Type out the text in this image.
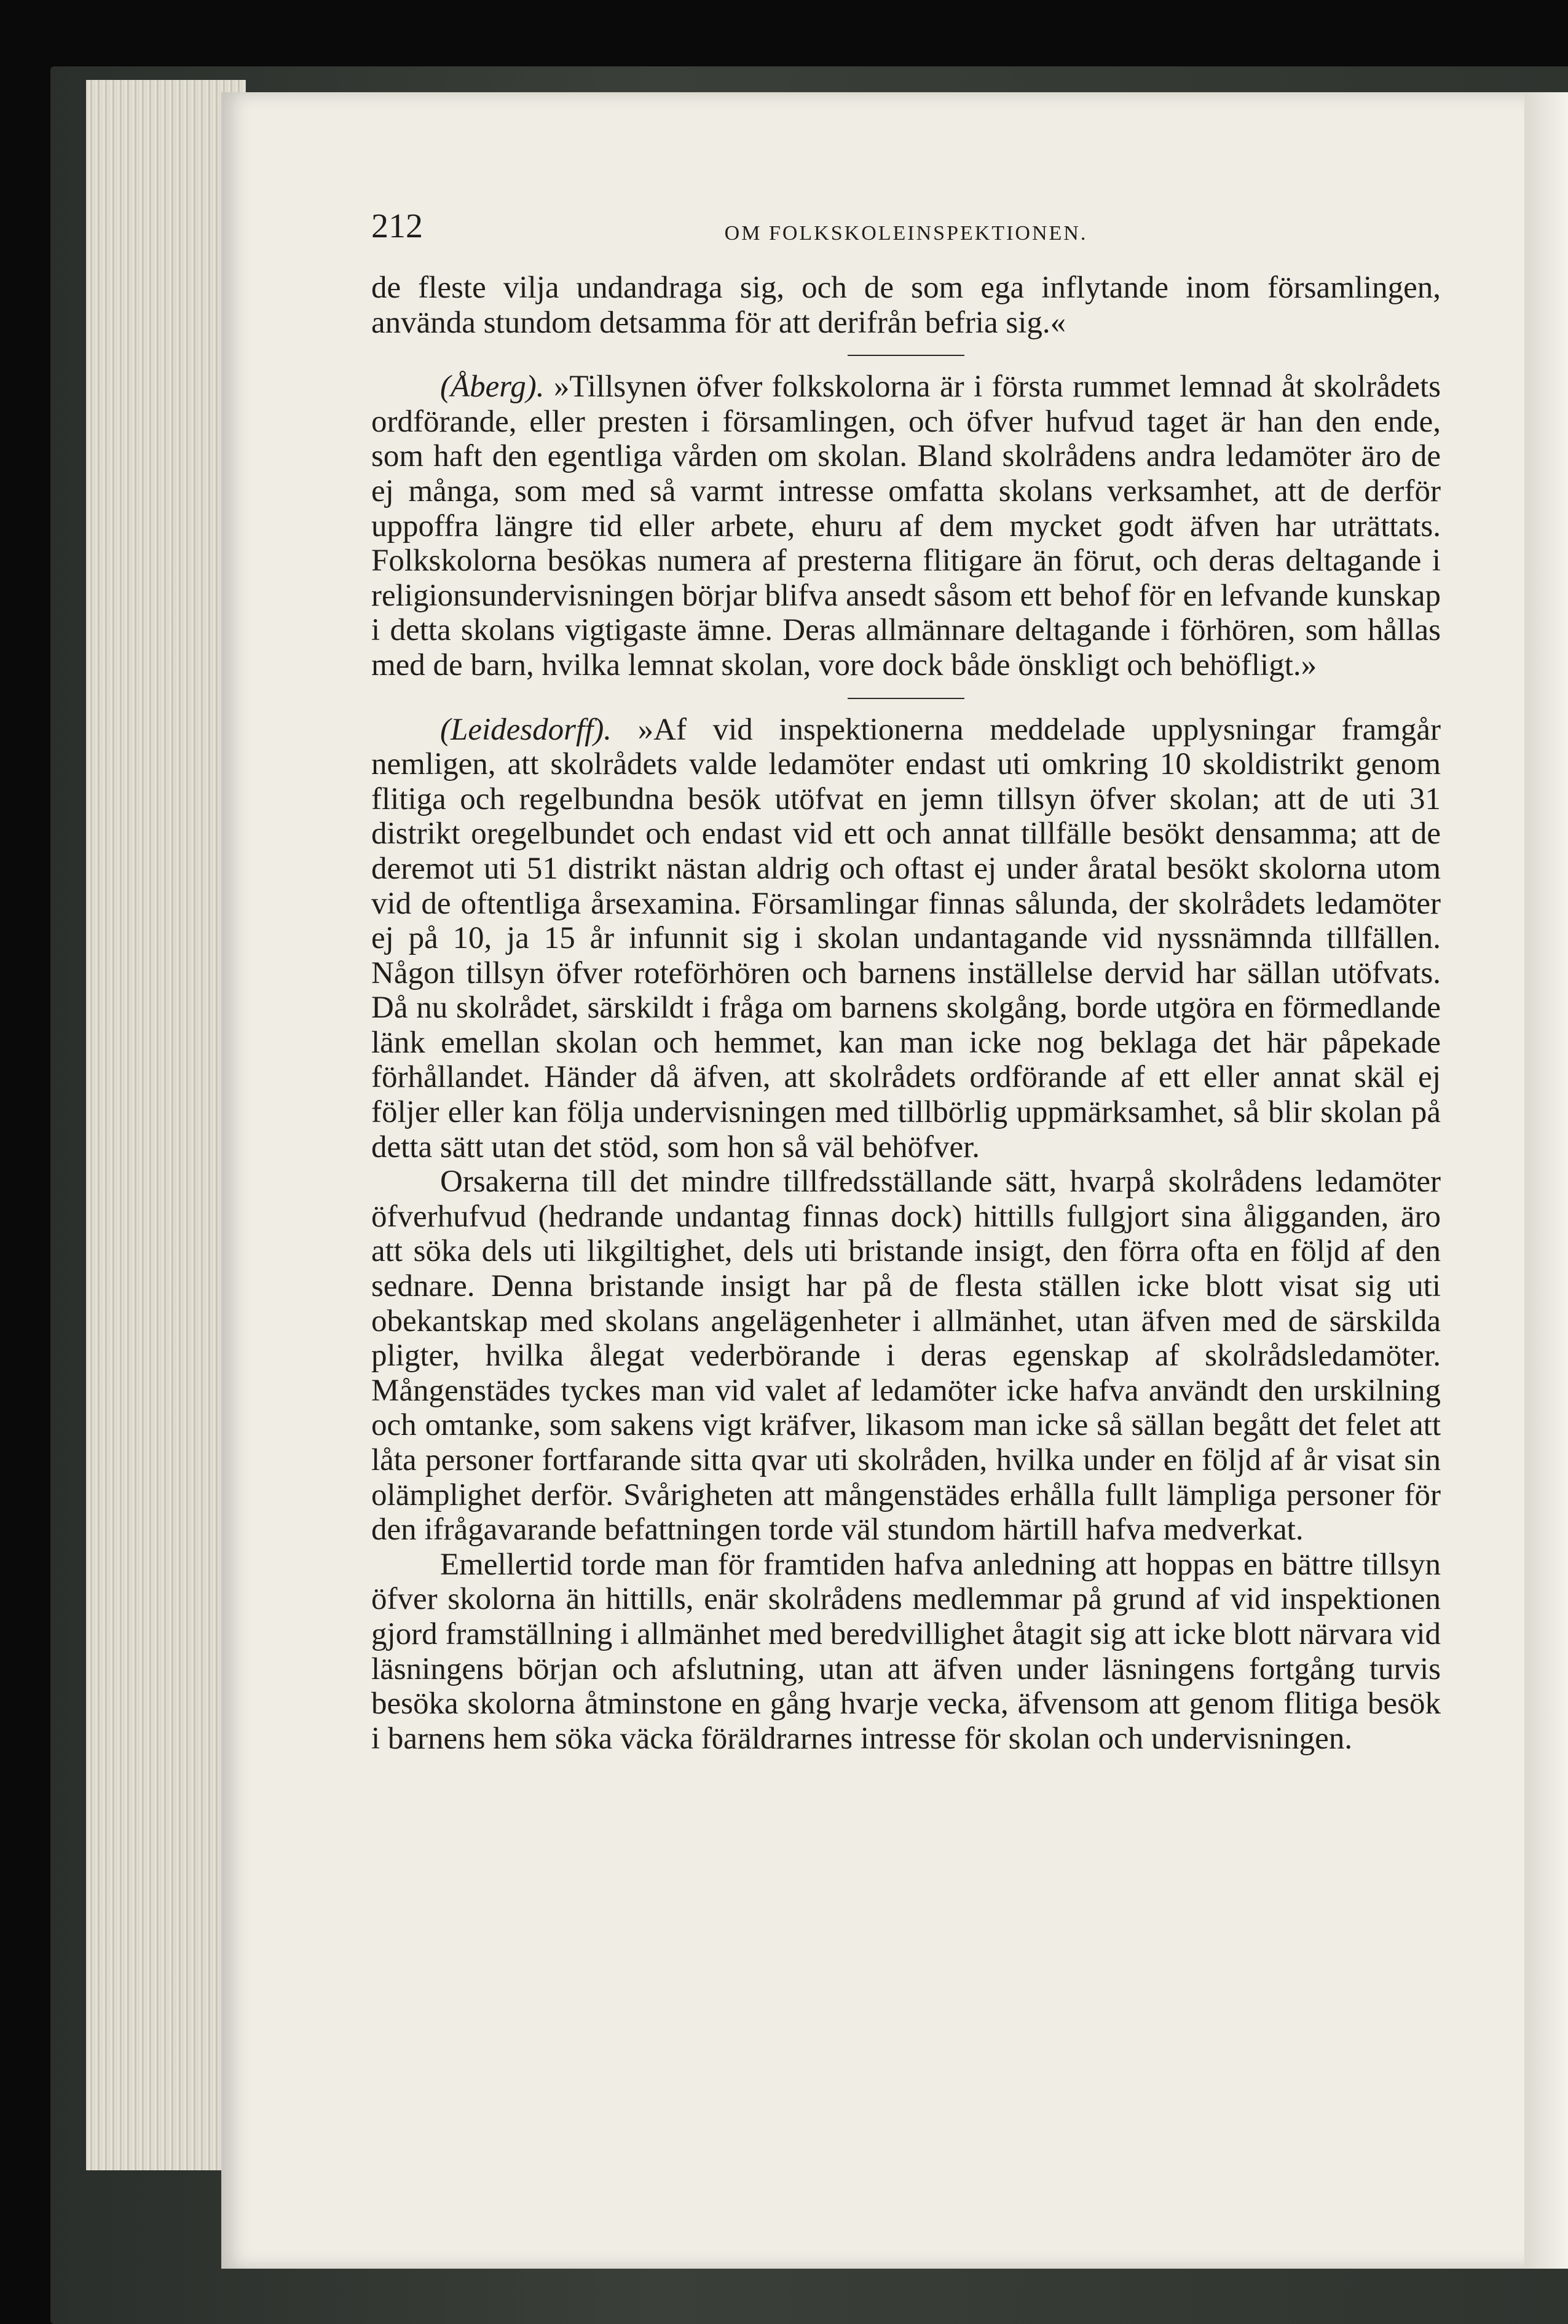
212	OM FOLKSKOLEINSPEKTIONEN.

de fleste vilja undandraga sig, och de som ega inflytande inom församlingen, använda stundom detsamma för att derifrån befria sig.«

(Åberg). »Tillsynen öfver folkskolorna är i första rummet lemnad åt skolrådets ordförande, eller presten i församlingen, och öfver hufvud taget är han den ende, som haft den egentliga vården om skolan. Bland skolrådens andra ledamöter äro de ej många, som med så varmt intresse omfatta skolans verksamhet, att de derför uppoffra längre tid eller arbete, ehuru af dem mycket godt äfven har uträttats. Folkskolorna besökas numera af presterna flitigare än förut, och deras deltagande i religionsundervisningen börjar blifva ansedt såsom ett behof för en lefvande kunskap i detta skolans vigtigaste ämne. Deras allmännare deltagande i förhören, som hållas med de barn, hvilka lemnat skolan, vore dock både önskligt och behöfligt.»

(Leidesdorff). »Af vid inspektionerna meddelade upplysningar framgår nemligen, att skolrådets valde ledamöter endast uti omkring 10 skoldistrikt genom flitiga och regelbundna besök utöfvat en jemn tillsyn öfver skolan; att de uti 31 distrikt oregelbundet och endast vid ett och annat tillfälle besökt densamma; att de deremot uti 51 distrikt nästan aldrig och oftast ej under åratal besökt skolorna utom vid de oftentliga årsexamina. Församlingar finnas sålunda, der skolrådets ledamöter ej på 10, ja 15 år infunnit sig i skolan undantagande vid nyssnämnda tillfällen. Någon tillsyn öfver roteförhören och barnens inställelse dervid har sällan utöfvats. Då nu skolrådet, särskildt i fråga om barnens skolgång, borde utgöra en förmedlande länk emellan skolan och hemmet, kan man icke nog beklaga det här påpekade förhållandet. Händer då äfven, att skolrådets ordförande af ett eller annat skäl ej följer eller kan följa undervisningen med tillbörlig uppmärksamhet, så blir skolan på detta sätt utan det stöd, som hon så väl behöfver.

Orsakerna till det mindre tillfredsställande sätt, hvarpå skolrådens ledamöter öfverhufvud (hedrande undantag finnas dock) hittills fullgjort sina åligganden, äro att söka dels uti likgiltighet, dels uti bristande insigt, den förra ofta en följd af den sednare. Denna bristande insigt har på de flesta ställen icke blott visat sig uti obekantskap med skolans angelägenheter i allmänhet, utan äfven med de särskilda pligter, hvilka ålegat vederbörande i deras egenskap af skolrådsledamöter. Mångenstädes tyckes man vid valet af ledamöter icke hafva användt den urskilning och omtanke, som sakens vigt kräfver, likasom man icke så sällan begått det felet att låta personer fortfarande sitta qvar uti skolråden, hvilka under en följd af år visat sin olämplighet derför. Svårigheten att mångenstädes erhålla fullt lämpliga personer för den ifrågavarande befattningen torde väl stundom härtill hafva medverkat.

Emellertid torde man för framtiden hafva anledning att hoppas en bättre tillsyn öfver skolorna än hittills, enär skolrådens medlemmar på grund af vid inspektionen gjord framställning i allmänhet med beredvillighet åtagit sig att icke blott närvara vid läsningens början och afslutning, utan att äfven under läsningens fortgång turvis besöka skolorna åtminstone en gång hvarje vecka, äfvensom att genom flitiga besök i barnens hem söka väcka föräldrarnes intresse för skolan och undervisningen.
